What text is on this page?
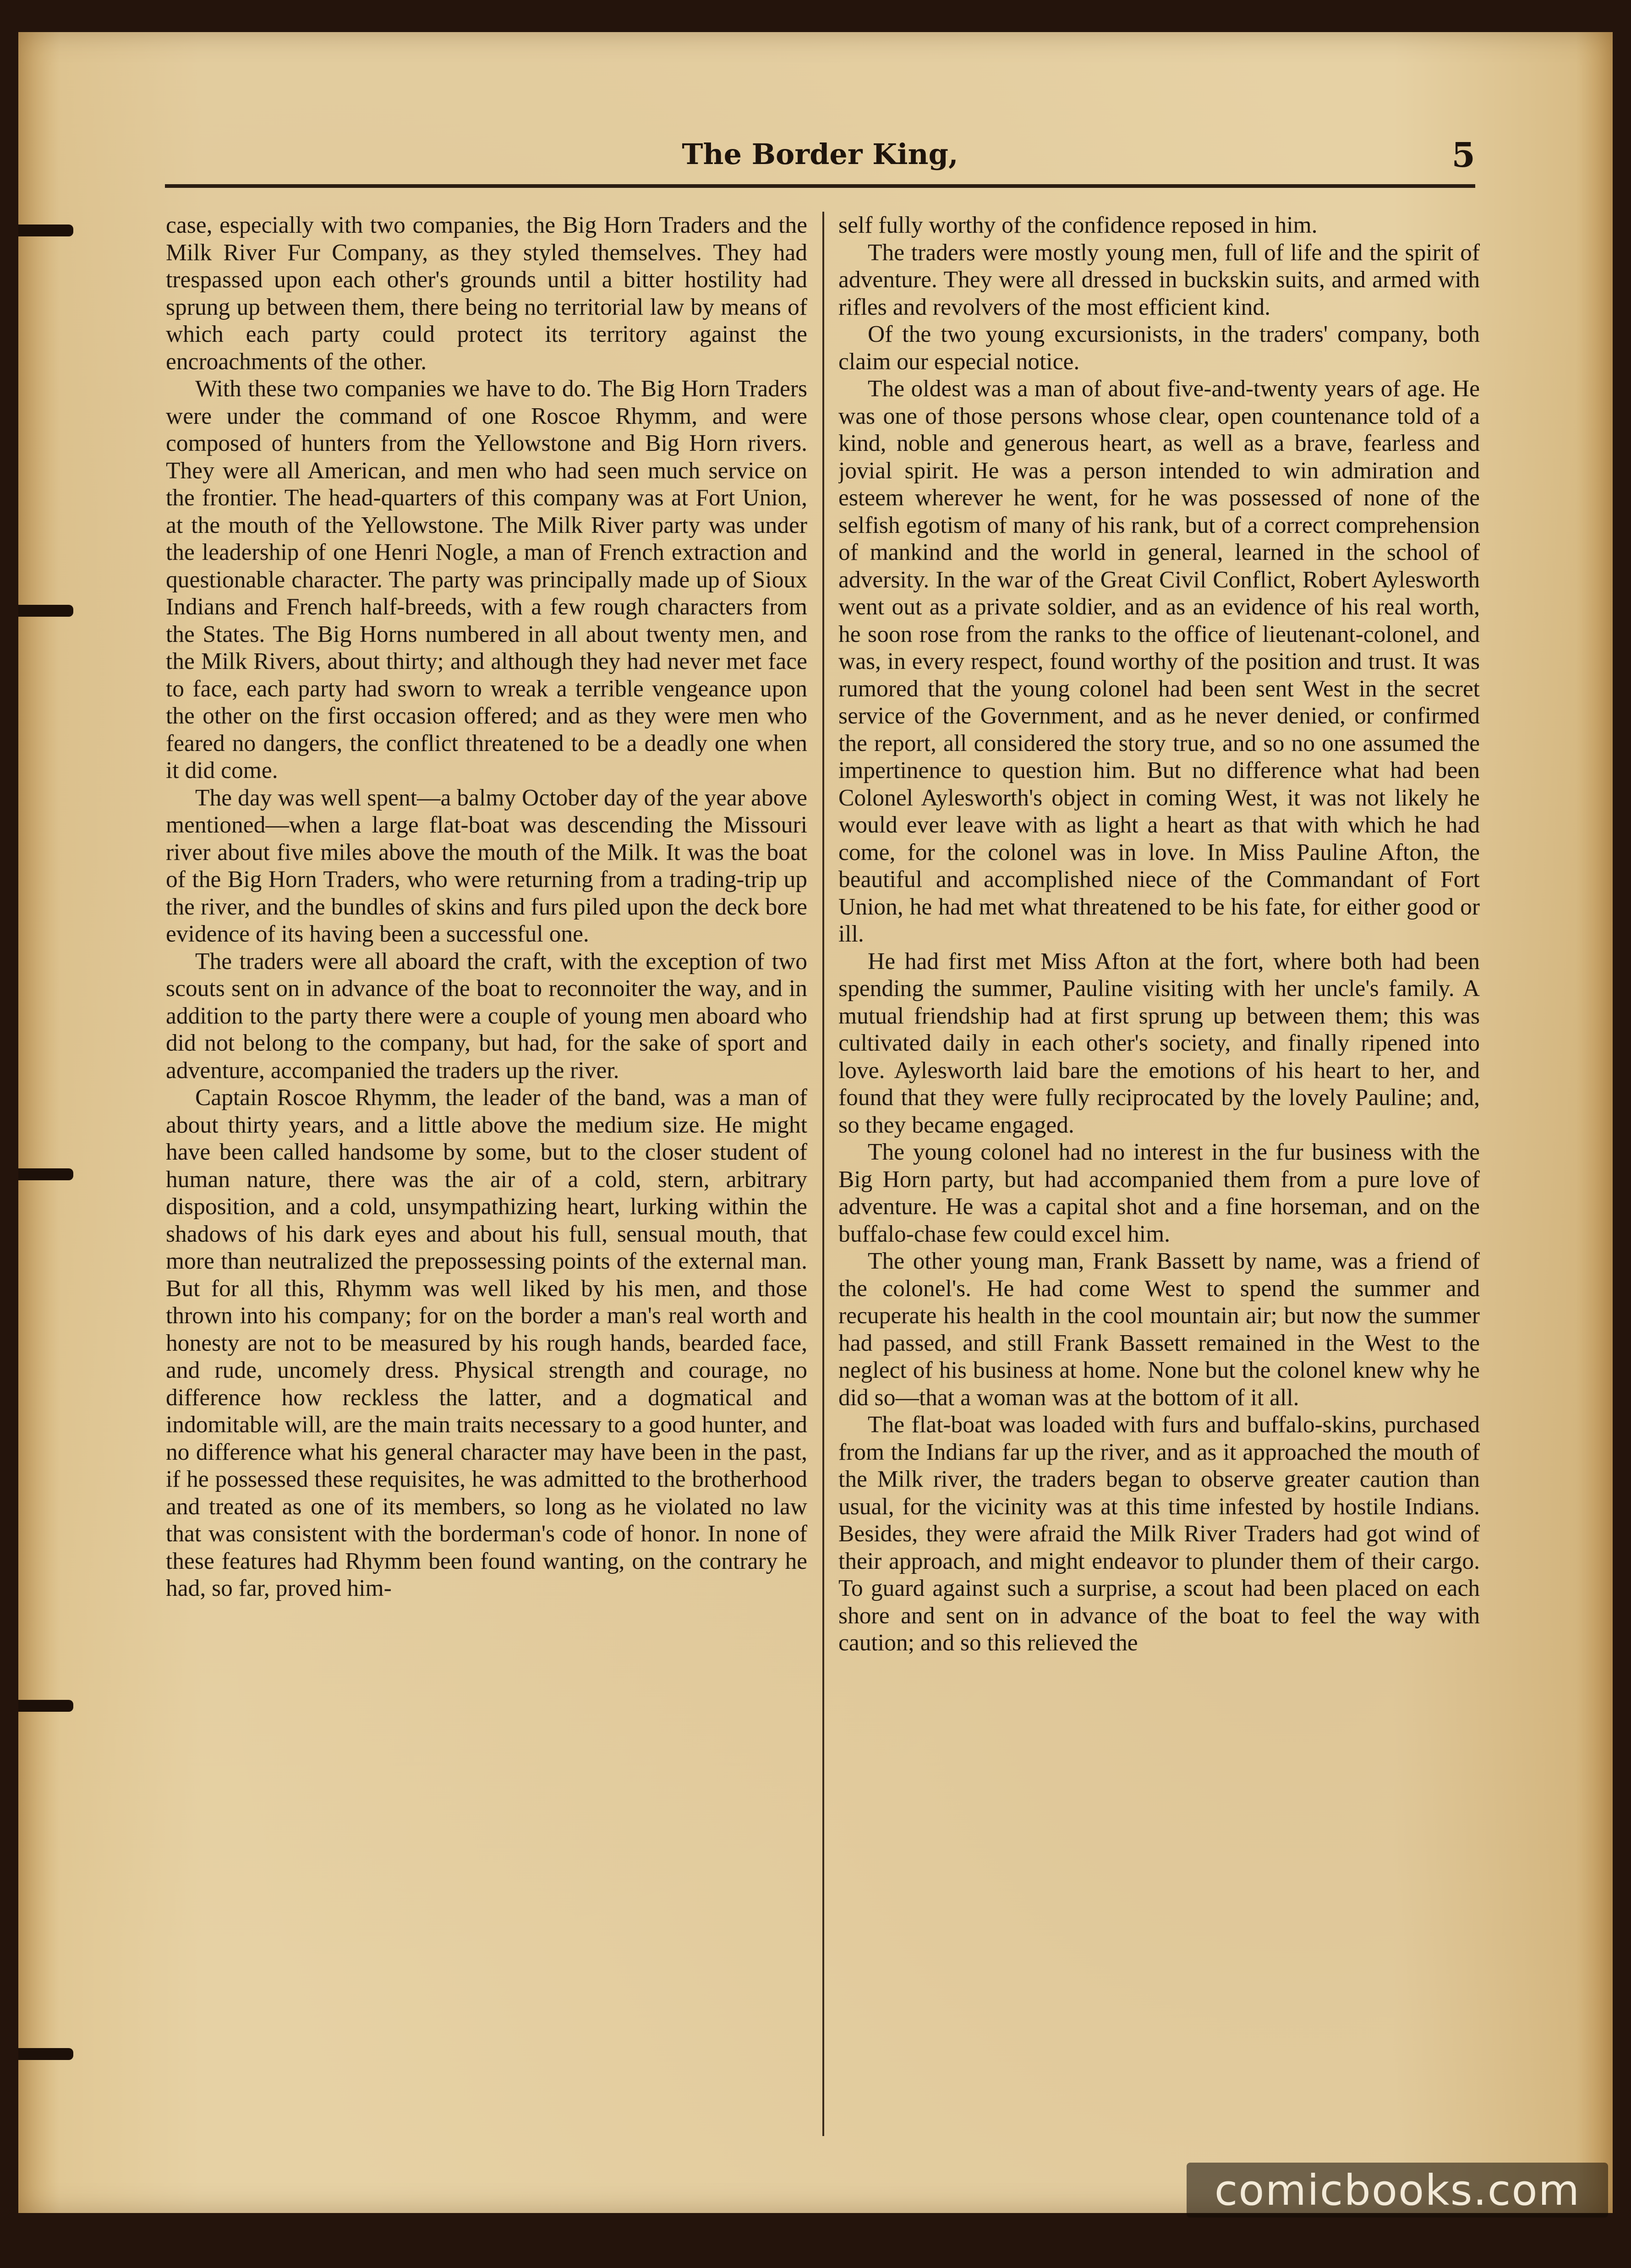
The Border King,	5

case, especially with two companies, the Big Horn Traders and the Milk River Fur Company, as they styled themselves. They had trespassed upon each other's grounds until a bitter hostility had sprung up between them, there being no territorial law by means of which each party could protect its territory against the encroachments of the other.

With these two companies we have to do. The Big Horn Traders were under the command of one Roscoe Rhymm, and were composed of hunters from the Yellowstone and Big Horn rivers. They were all American, and men who had seen much service on the frontier. The head-quarters of this company was at Fort Union, at the mouth of the Yellowstone. The Milk River party was under the leadership of one Henri Nogle, a man of French extraction and questionable character. The party was principally made up of Sioux Indians and French half-breeds, with a few rough characters from the States. The Big Horns numbered in all about twenty men, and the Milk Rivers, about thirty; and although they had never met face to face, each party had sworn to wreak a terrible vengeance upon the other on the first occasion offered; and as they were men who feared no dangers, the conflict threatened to be a deadly one when it did come.

The day was well spent—a balmy October day of the year above mentioned—when a large flat-boat was descending the Missouri river about five miles above the mouth of the Milk. It was the boat of the Big Horn Traders, who were returning from a trading-trip up the river, and the bundles of skins and furs piled upon the deck bore evidence of its having been a successful one.

The traders were all aboard the craft, with the exception of two scouts sent on in advance of the boat to reconnoiter the way, and in addition to the party there were a couple of young men aboard who did not belong to the company, but had, for the sake of sport and adventure, accompanied the traders up the river.

Captain Roscoe Rhymm, the leader of the band, was a man of about thirty years, and a little above the medium size. He might have been called handsome by some, but to the closer student of human nature, there was the air of a cold, stern, arbitrary disposition, and a cold, unsympathizing heart, lurking within the shadows of his dark eyes and about his full, sensual mouth, that more than neutralized the prepossessing points of the external man. But for all this, Rhymm was well liked by his men, and those thrown into his company; for on the border a man's real worth and honesty are not to be measured by his rough hands, bearded face, and rude, uncomely dress. Physical strength and courage, no difference how reckless the latter, and a dogmatical and indomitable will, are the main traits necessary to a good hunter, and no difference what his general character may have been in the past, if he possessed these requisites, he was admitted to the brotherhood and treated as one of its members, so long as he violated no law that was consistent with the borderman's code of honor. In none of these features had Rhymm been found wanting, on the contrary he had, so far, proved him-

self fully worthy of the confidence reposed in him.

The traders were mostly young men, full of life and the spirit of adventure. They were all dressed in buckskin suits, and armed with rifles and revolvers of the most efficient kind.

Of the two young excursionists, in the traders' company, both claim our especial notice.

The oldest was a man of about five-and-twenty years of age. He was one of those persons whose clear, open countenance told of a kind, noble and generous heart, as well as a brave, fearless and jovial spirit. He was a person intended to win admiration and esteem wherever he went, for he was possessed of none of the selfish egotism of many of his rank, but of a correct comprehension of mankind and the world in general, learned in the school of adversity. In the war of the Great Civil Conflict, Robert Aylesworth went out as a private soldier, and as an evidence of his real worth, he soon rose from the ranks to the office of lieutenant-colonel, and was, in every respect, found worthy of the position and trust. It was rumored that the young colonel had been sent West in the secret service of the Government, and as he never denied, or confirmed the report, all considered the story true, and so no one assumed the impertinence to question him. But no difference what had been Colonel Aylesworth's object in coming West, it was not likely he would ever leave with as light a heart as that with which he had come, for the colonel was in love. In Miss Pauline Afton, the beautiful and accomplished niece of the Commandant of Fort Union, he had met what threatened to be his fate, for either good or ill.

He had first met Miss Afton at the fort, where both had been spending the summer, Pauline visiting with her uncle's family. A mutual friendship had at first sprung up between them; this was cultivated daily in each other's society, and finally ripened into love. Aylesworth laid bare the emotions of his heart to her, and found that they were fully reciprocated by the lovely Pauline; and, so they became engaged.

The young colonel had no interest in the fur business with the Big Horn party, but had accompanied them from a pure love of adventure. He was a capital shot and a fine horseman, and on the buffalo-chase few could excel him.

The other young man, Frank Bassett by name, was a friend of the colonel's. He had come West to spend the summer and recuperate his health in the cool mountain air; but now the summer had passed, and still Frank Bassett remained in the West to the neglect of his business at home. None but the colonel knew why he did so—that a woman was at the bottom of it all.

The flat-boat was loaded with furs and buffalo-skins, purchased from the Indians far up the river, and as it approached the mouth of the Milk river, the traders began to observe greater caution than usual, for the vicinity was at this time infested by hostile Indians. Besides, they were afraid the Milk River Traders had got wind of their approach, and might endeavor to plunder them of their cargo. To guard against such a surprise, a scout had been placed on each shore and sent on in advance of the boat to feel the way with caution; and so this relieved the

comicbooks.com
